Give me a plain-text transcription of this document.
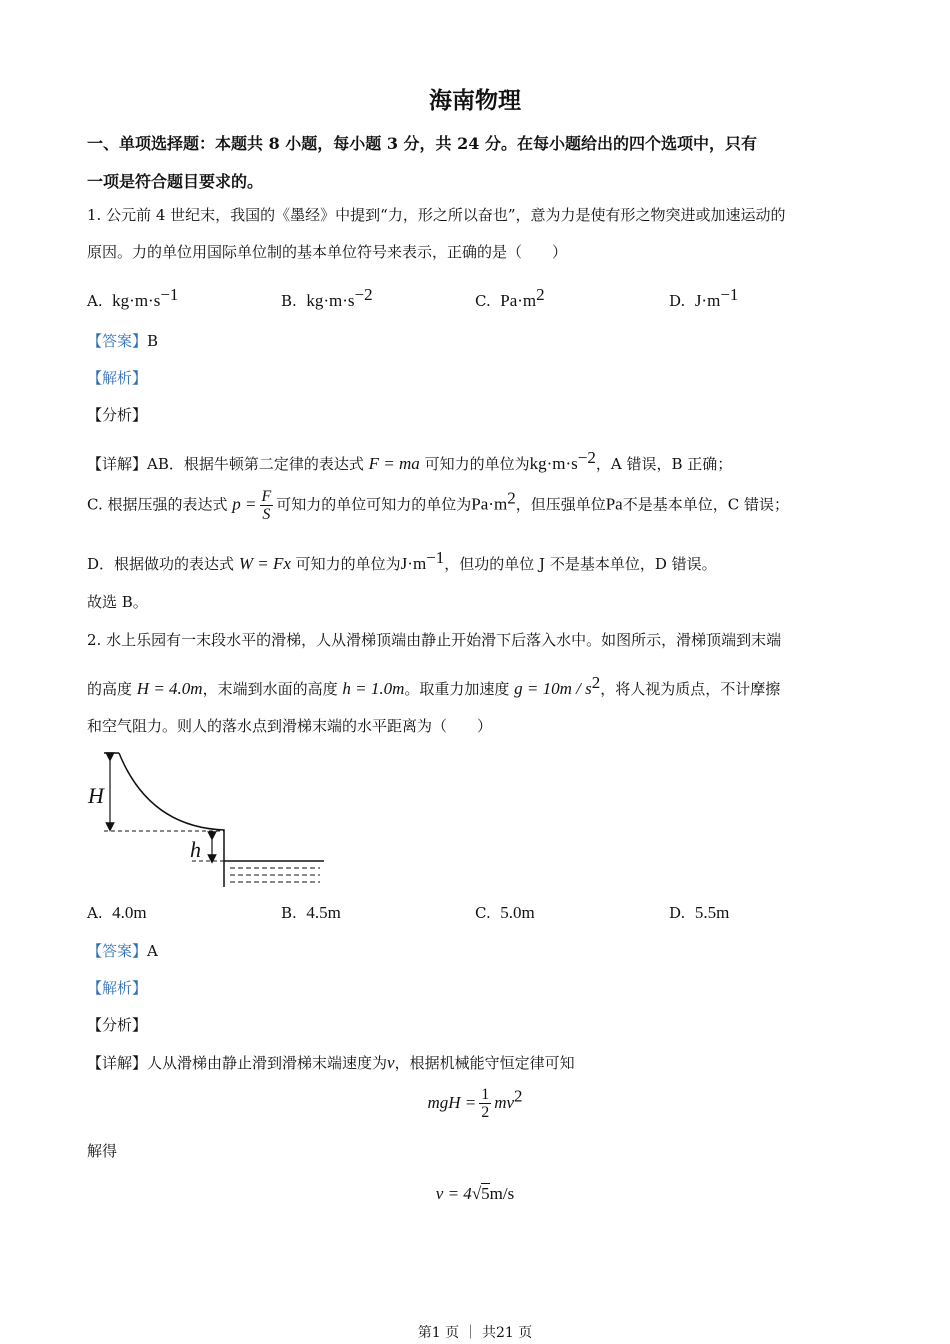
海南物理
一、单项选择题：本题共 8 小题，每小题 3 分，共 24 分。在每小题给出的四个选项中，只有
一项是符合题目要求的。
1. 公元前 4 世纪末，我国的《墨经》中提到“力，形之所以奋也”，意为力是使有形之物突进或加速运动的
原因。力的单位用国际单位制的基本单位符号来表示，正确的是（　　）
A. $kg\cdot m\cdot s^{-1}$	B. $kg\cdot m\cdot s^{-2}$	C. $Pa\cdot m^2$	D. $J\cdot m^{-1}$
【答案】B
【解析】
【分析】
【详解】AB．根据牛顿第二定律的表达式 F = ma 可知力的单位为$kg\cdot m\cdot s^{-2}$，A 错误，B 正确；
C. 根据压强的表达式 $p = \frac{F}{S}$ 可知力的单位可知力的单位为$Pa\cdot m^2$，但压强单位Pa不是基本单位，C 错误；
D．根据做功的表达式 W = Fx 可知力的单位为$J\cdot m^{-1}$，但功的单位 J 不是基本单位，D 错误。
故选 B。
2. 水上乐园有一末段水平的滑梯，人从滑梯顶端由静止开始滑下后落入水中。如图所示，滑梯顶端到末端
的高度 H = 4.0m，末端到水面的高度 h = 1.0m。取重力加速度 $g = 10m / s^2$，将人视为质点，不计摩擦
和空气阻力。则人的落水点到滑梯末端的水平距离为（　　）
H
h
A. 4.0m	B. 4.5m	C. 5.0m	D. 5.5m
【答案】A
【解析】
【分析】
【详解】人从滑梯由静止滑到滑梯末端速度为v，根据机械能守恒定律可知
mgH = $\frac{1}{2} mv^2$
解得
v = 4√5m/s
第1 页 ｜ 共21 页
